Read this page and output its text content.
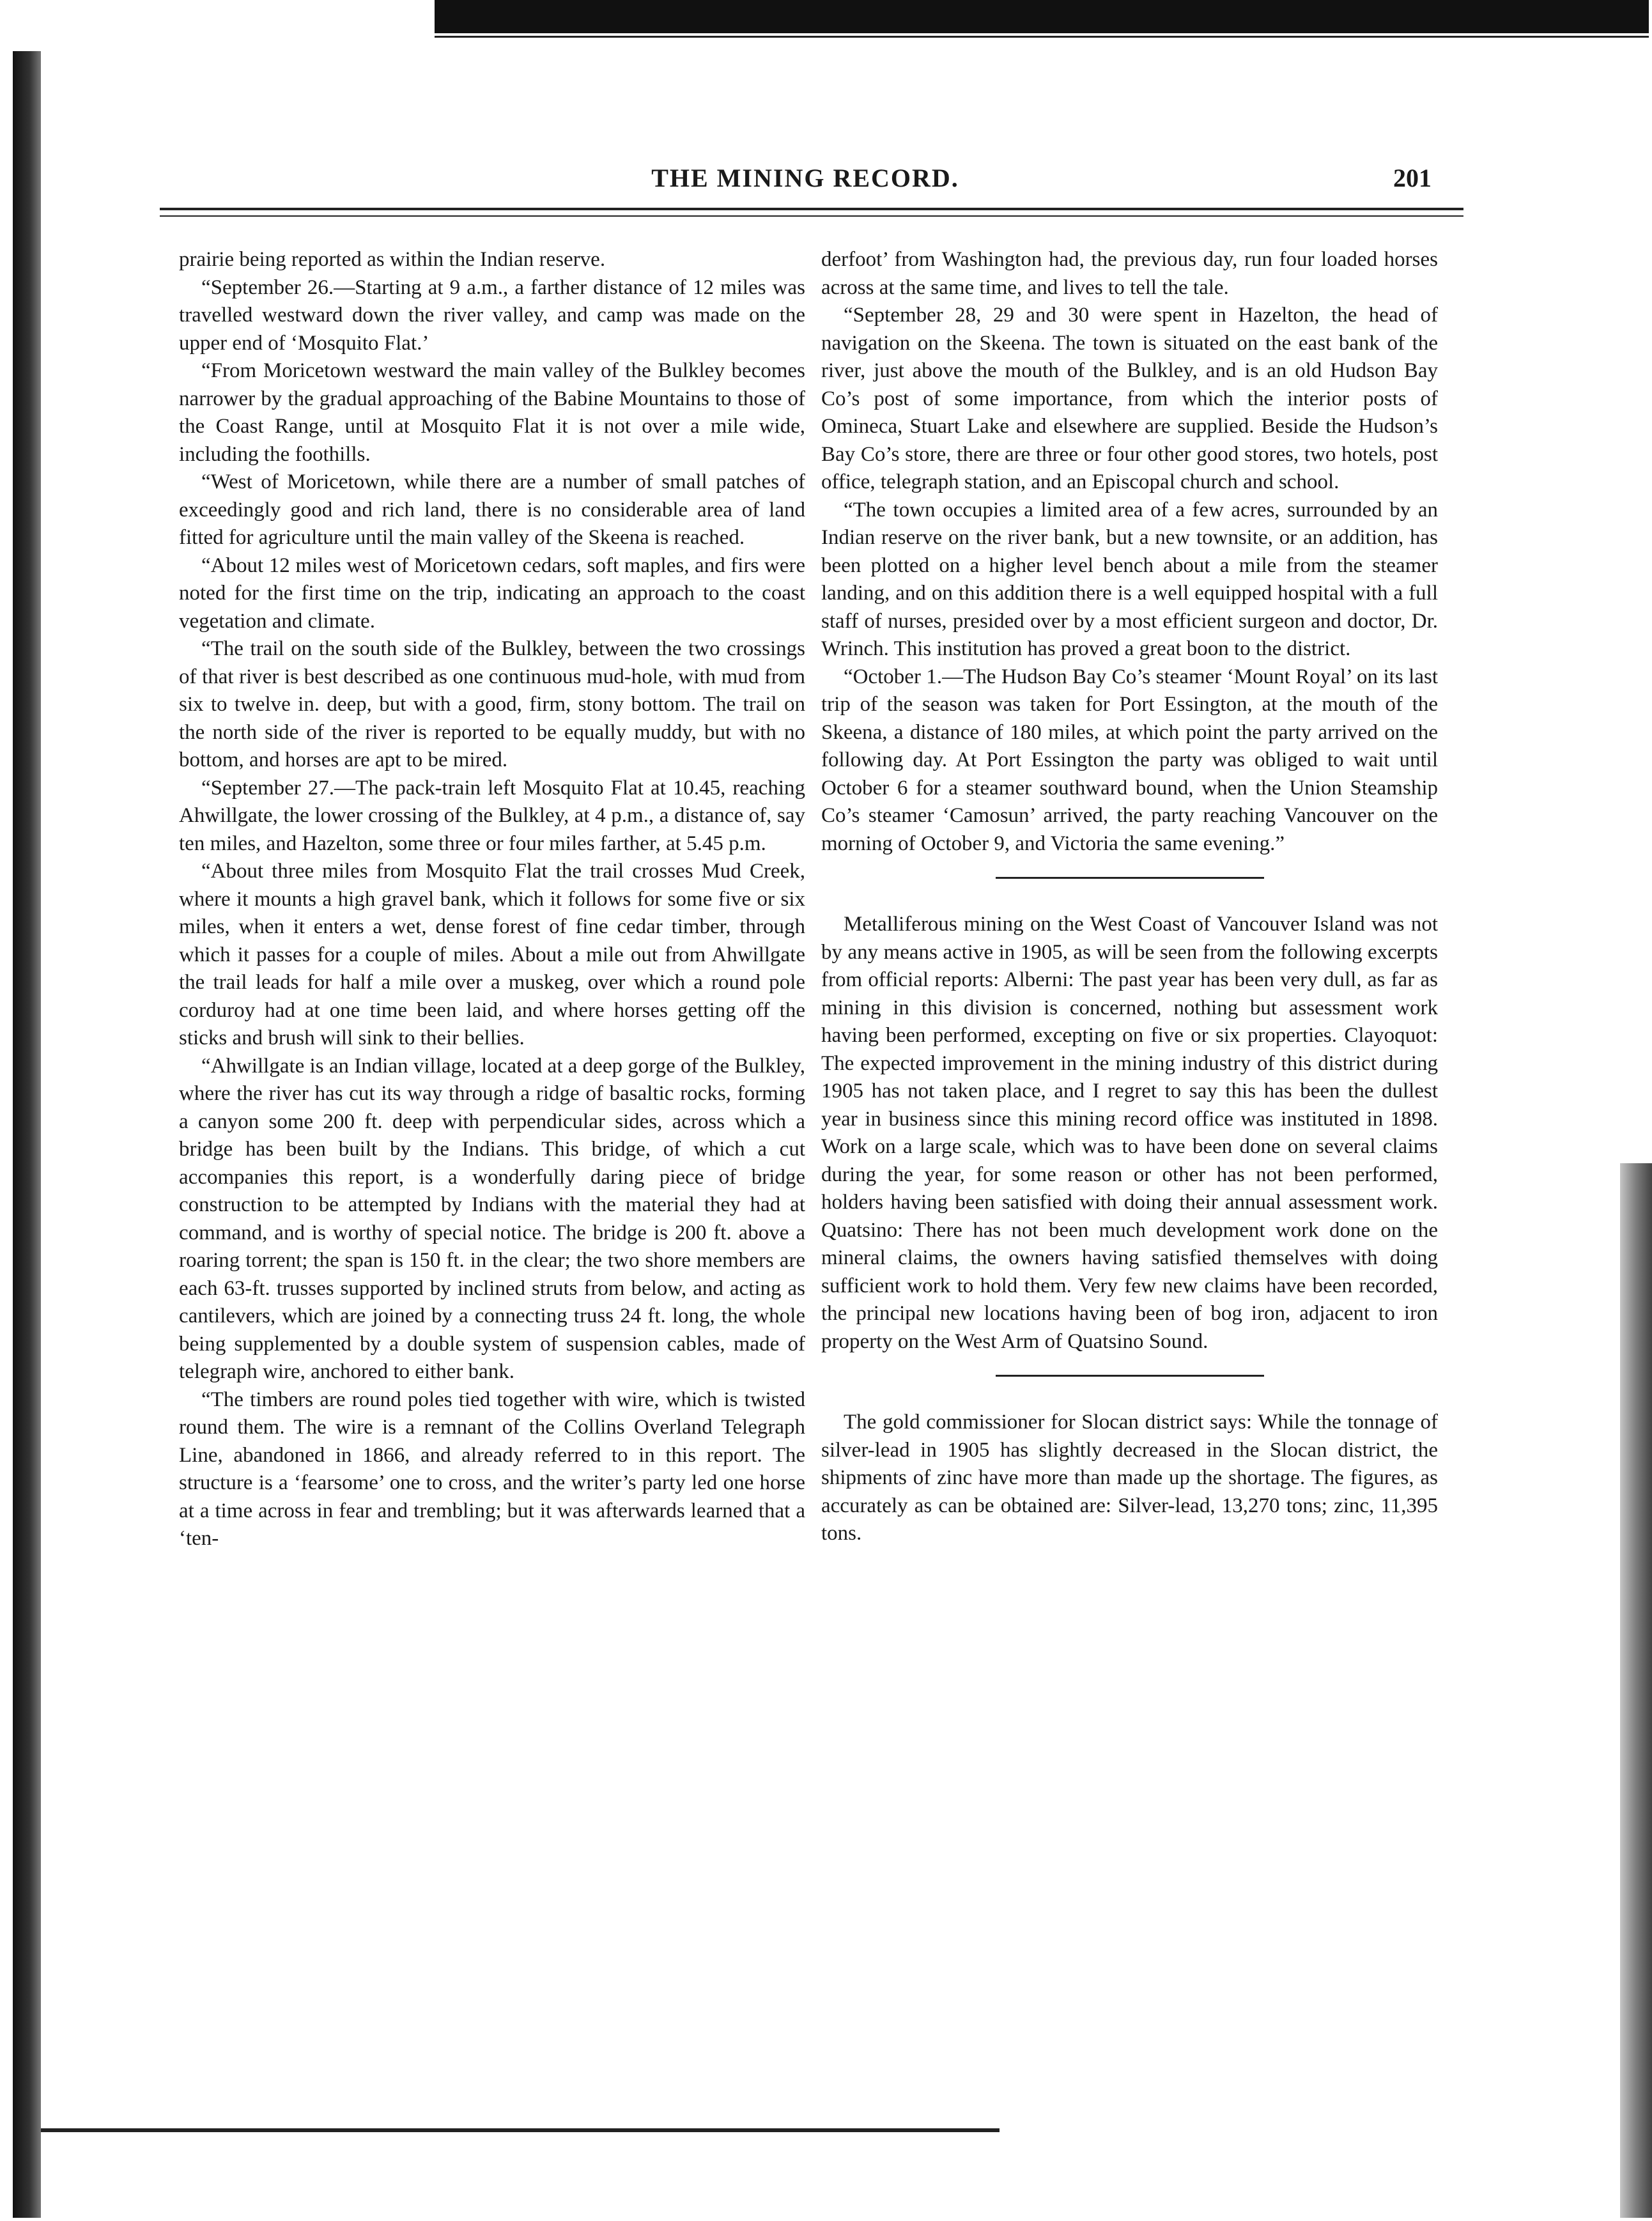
THE MINING RECORD.	201

prairie being reported as within the Indian reserve.

“September 26.—Starting at 9 a.m., a farther distance of 12 miles was travelled westward down the river valley, and camp was made on the upper end of ‘Mosquito Flat.’

“From Moricetown westward the main valley of the Bulkley becomes narrower by the gradual approaching of the Babine Mountains to those of the Coast Range, until at Mosquito Flat it is not over a mile wide, including the foothills.

“West of Moricetown, while there are a number of small patches of exceedingly good and rich land, there is no considerable area of land fitted for agriculture until the main valley of the Skeena is reached.

“About 12 miles west of Moricetown cedars, soft maples, and firs were noted for the first time on the trip, indicating an approach to the coast vegetation and climate.

“The trail on the south side of the Bulkley, between the two crossings of that river is best described as one continuous mud-hole, with mud from six to twelve in. deep, but with a good, firm, stony bottom. The trail on the north side of the river is reported to be equally muddy, but with no bottom, and horses are apt to be mired.

“September 27.—The pack-train left Mosquito Flat at 10.45, reaching Ahwillgate, the lower crossing of the Bulkley, at 4 p.m., a distance of, say ten miles, and Hazelton, some three or four miles farther, at 5.45 p.m.

“About three miles from Mosquito Flat the trail crosses Mud Creek, where it mounts a high gravel bank, which it follows for some five or six miles, when it enters a wet, dense forest of fine cedar timber, through which it passes for a couple of miles. About a mile out from Ahwillgate the trail leads for half a mile over a muskeg, over which a round pole corduroy had at one time been laid, and where horses getting off the sticks and brush will sink to their bellies.

“Ahwillgate is an Indian village, located at a deep gorge of the Bulkley, where the river has cut its way through a ridge of basaltic rocks, forming a canyon some 200 ft. deep with perpendicular sides, across which a bridge has been built by the Indians. This bridge, of which a cut accompanies this report, is a wonderfully daring piece of bridge construction to be attempted by Indians with the material they had at command, and is worthy of special notice. The bridge is 200 ft. above a roaring torrent; the span is 150 ft. in the clear; the two shore members are each 63-ft. trusses supported by inclined struts from below, and acting as cantilevers, which are joined by a connecting truss 24 ft. long, the whole being supplemented by a double system of suspension cables, made of telegraph wire, anchored to either bank.

“The timbers are round poles tied together with wire, which is twisted round them. The wire is a remnant of the Collins Overland Telegraph Line, abandoned in 1866, and already referred to in this report. The structure is a ‘fearsome’ one to cross, and the writer’s party led one horse at a time across in fear and trembling; but it was afterwards learned that a ‘ten-

derfoot’ from Washington had, the previous day, run four loaded horses across at the same time, and lives to tell the tale.

“September 28, 29 and 30 were spent in Hazelton, the head of navigation on the Skeena. The town is situated on the east bank of the river, just above the mouth of the Bulkley, and is an old Hudson Bay Co’s post of some importance, from which the interior posts of Omineca, Stuart Lake and elsewhere are supplied. Beside the Hudson’s Bay Co’s store, there are three or four other good stores, two hotels, post office, telegraph station, and an Episcopal church and school.

“The town occupies a limited area of a few acres, surrounded by an Indian reserve on the river bank, but a new townsite, or an addition, has been plotted on a higher level bench about a mile from the steamer landing, and on this addition there is a well equipped hospital with a full staff of nurses, presided over by a most efficient surgeon and doctor, Dr. Wrinch. This institution has proved a great boon to the district.

“October 1.—The Hudson Bay Co’s steamer ‘Mount Royal’ on its last trip of the season was taken for Port Essington, at the mouth of the Skeena, a distance of 180 miles, at which point the party arrived on the following day. At Port Essington the party was obliged to wait until October 6 for a steamer southward bound, when the Union Steamship Co’s steamer ‘Camosun’ arrived, the party reaching Vancouver on the morning of October 9, and Victoria the same evening.”

Metalliferous mining on the West Coast of Vancouver Island was not by any means active in 1905, as will be seen from the following excerpts from official reports: Alberni: The past year has been very dull, as far as mining in this division is concerned, nothing but assessment work having been performed, excepting on five or six properties. Clayoquot: The expected improvement in the mining industry of this district during 1905 has not taken place, and I regret to say this has been the dullest year in business since this mining record office was instituted in 1898. Work on a large scale, which was to have been done on several claims during the year, for some reason or other has not been performed, holders having been satisfied with doing their annual assessment work. Quatsino: There has not been much development work done on the mineral claims, the owners having satisfied themselves with doing sufficient work to hold them. Very few new claims have been recorded, the principal new locations having been of bog iron, adjacent to iron property on the West Arm of Quatsino Sound.

The gold commissioner for Slocan district says: While the tonnage of silver-lead in 1905 has slightly decreased in the Slocan district, the shipments of zinc have more than made up the shortage. The figures, as accurately as can be obtained are: Silver-lead, 13,270 tons; zinc, 11,395 tons.
